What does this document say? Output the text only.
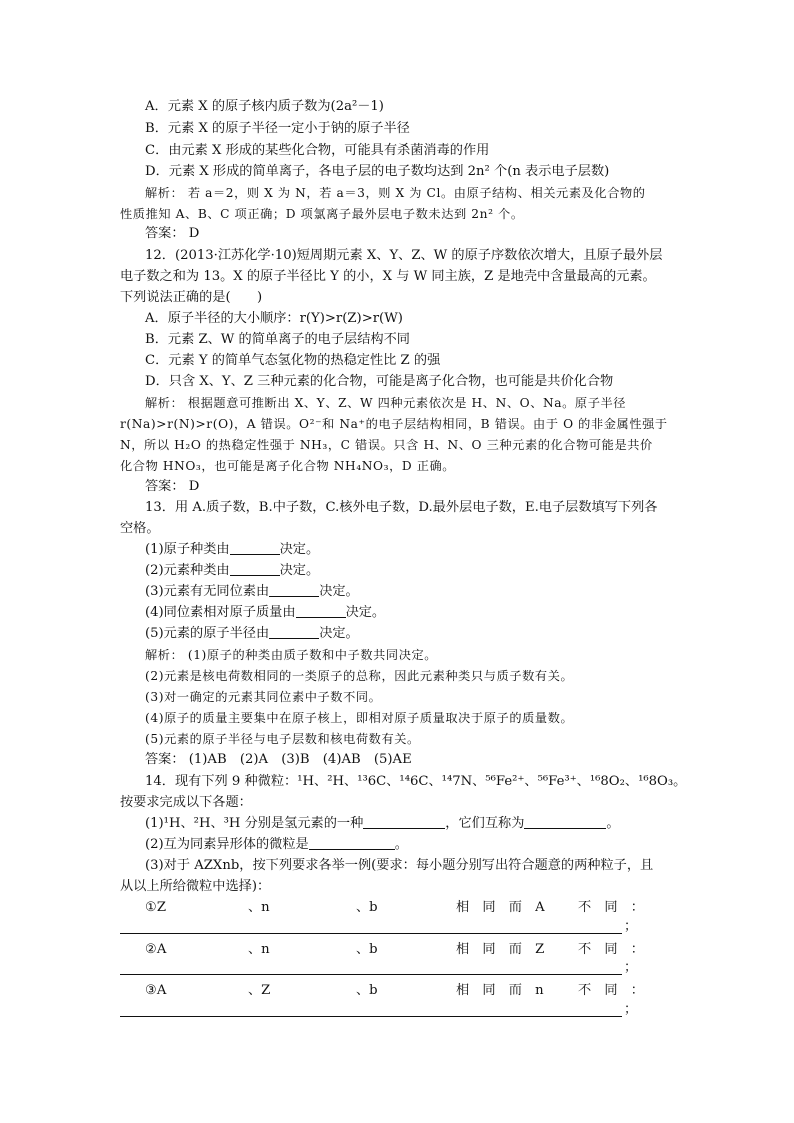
A．元素 X 的原子核内质子数为(2a²－1)
B．元素 X 的原子半径一定小于钠的原子半径
C．由元素 X 形成的某些化合物，可能具有杀菌消毒的作用
D．元素 X 形成的简单离子，各电子层的电子数均达到 2n² 个(n 表示电子层数)
解析： 若 a＝2，则 X 为 N，若 a＝3，则 X 为 Cl。由原子结构、相关元素及化合物的
性质推知 A、B、C 项正确；D 项氯离子最外层电子数未达到 2n² 个。
答案： D
12．(2013·江苏化学·10)短周期元素 X、Y、Z、W 的原子序数依次增大，且原子最外层
电子数之和为 13。X 的原子半径比 Y 的小，X 与 W 同主族，Z 是地壳中含量最高的元素。
下列说法正确的是(　　)
A．原子半径的大小顺序：r(Y)>r(Z)>r(W)
B．元素 Z、W 的简单离子的电子层结构不同
C．元素 Y 的简单气态氢化物的热稳定性比 Z 的强
D．只含 X、Y、Z 三种元素的化合物，可能是离子化合物，也可能是共价化合物
解析： 根据题意可推断出 X、Y、Z、W 四种元素依次是 H、N、O、Na。原子半径
r(Na)>r(N)>r(O)，A 错误。O²⁻和 Na⁺的电子层结构相同，B 错误。由于 O 的非金属性强于
N，所以 H₂O 的热稳定性强于 NH₃，C 错误。只含 H、N、O 三种元素的化合物可能是共价
化合物 HNO₃，也可能是离子化合物 NH₄NO₃，D 正确。
答案： D
13．用 A.质子数，B.中子数，C.核外电子数，D.最外层电子数，E.电子层数填写下列各
空格。
(1)原子种类由	决定。
(2)元素种类由	决定。
(3)元素有无同位素由	决定。
(4)同位素相对原子质量由	决定。
(5)元素的原子半径由	决定。
解析： (1)原子的种类由质子数和中子数共同决定。
(2)元素是核电荷数相同的一类原子的总称，因此元素种类只与质子数有关。
(3)对一确定的元素其同位素中子数不同。
(4)原子的质量主要集中在原子核上，即相对原子质量取决于原子的质量数。
(5)元素的原子半径与电子层数和核电荷数有关。
答案： (1)AB　(2)A　(3)B　(4)AB　(5)AE
14．现有下列 9 种微粒：¹H、²H、¹³6C、¹⁴6C、¹⁴7N、⁵⁶Fe²⁺、⁵⁶Fe³⁺、¹⁶8O₂、¹⁶8O₃。
按要求完成以下各题：
(1)¹H、²H、³H 分别是氢元素的一种	，它们互称为	。
(2)互为同素异形体的微粒是	。
(3)对于 AZXnb，按下列要求各举一例(要求：每小题分别写出符合题意的两种粒子，且
从以上所给微粒中选择)：
①Z	、n	、b	相　同　而　A	不　同　：
；
②A	、n	、b	相　同　而　Z	不　同　：
；
③A	、Z	、b	相　同　而　n	不　同　：
；
